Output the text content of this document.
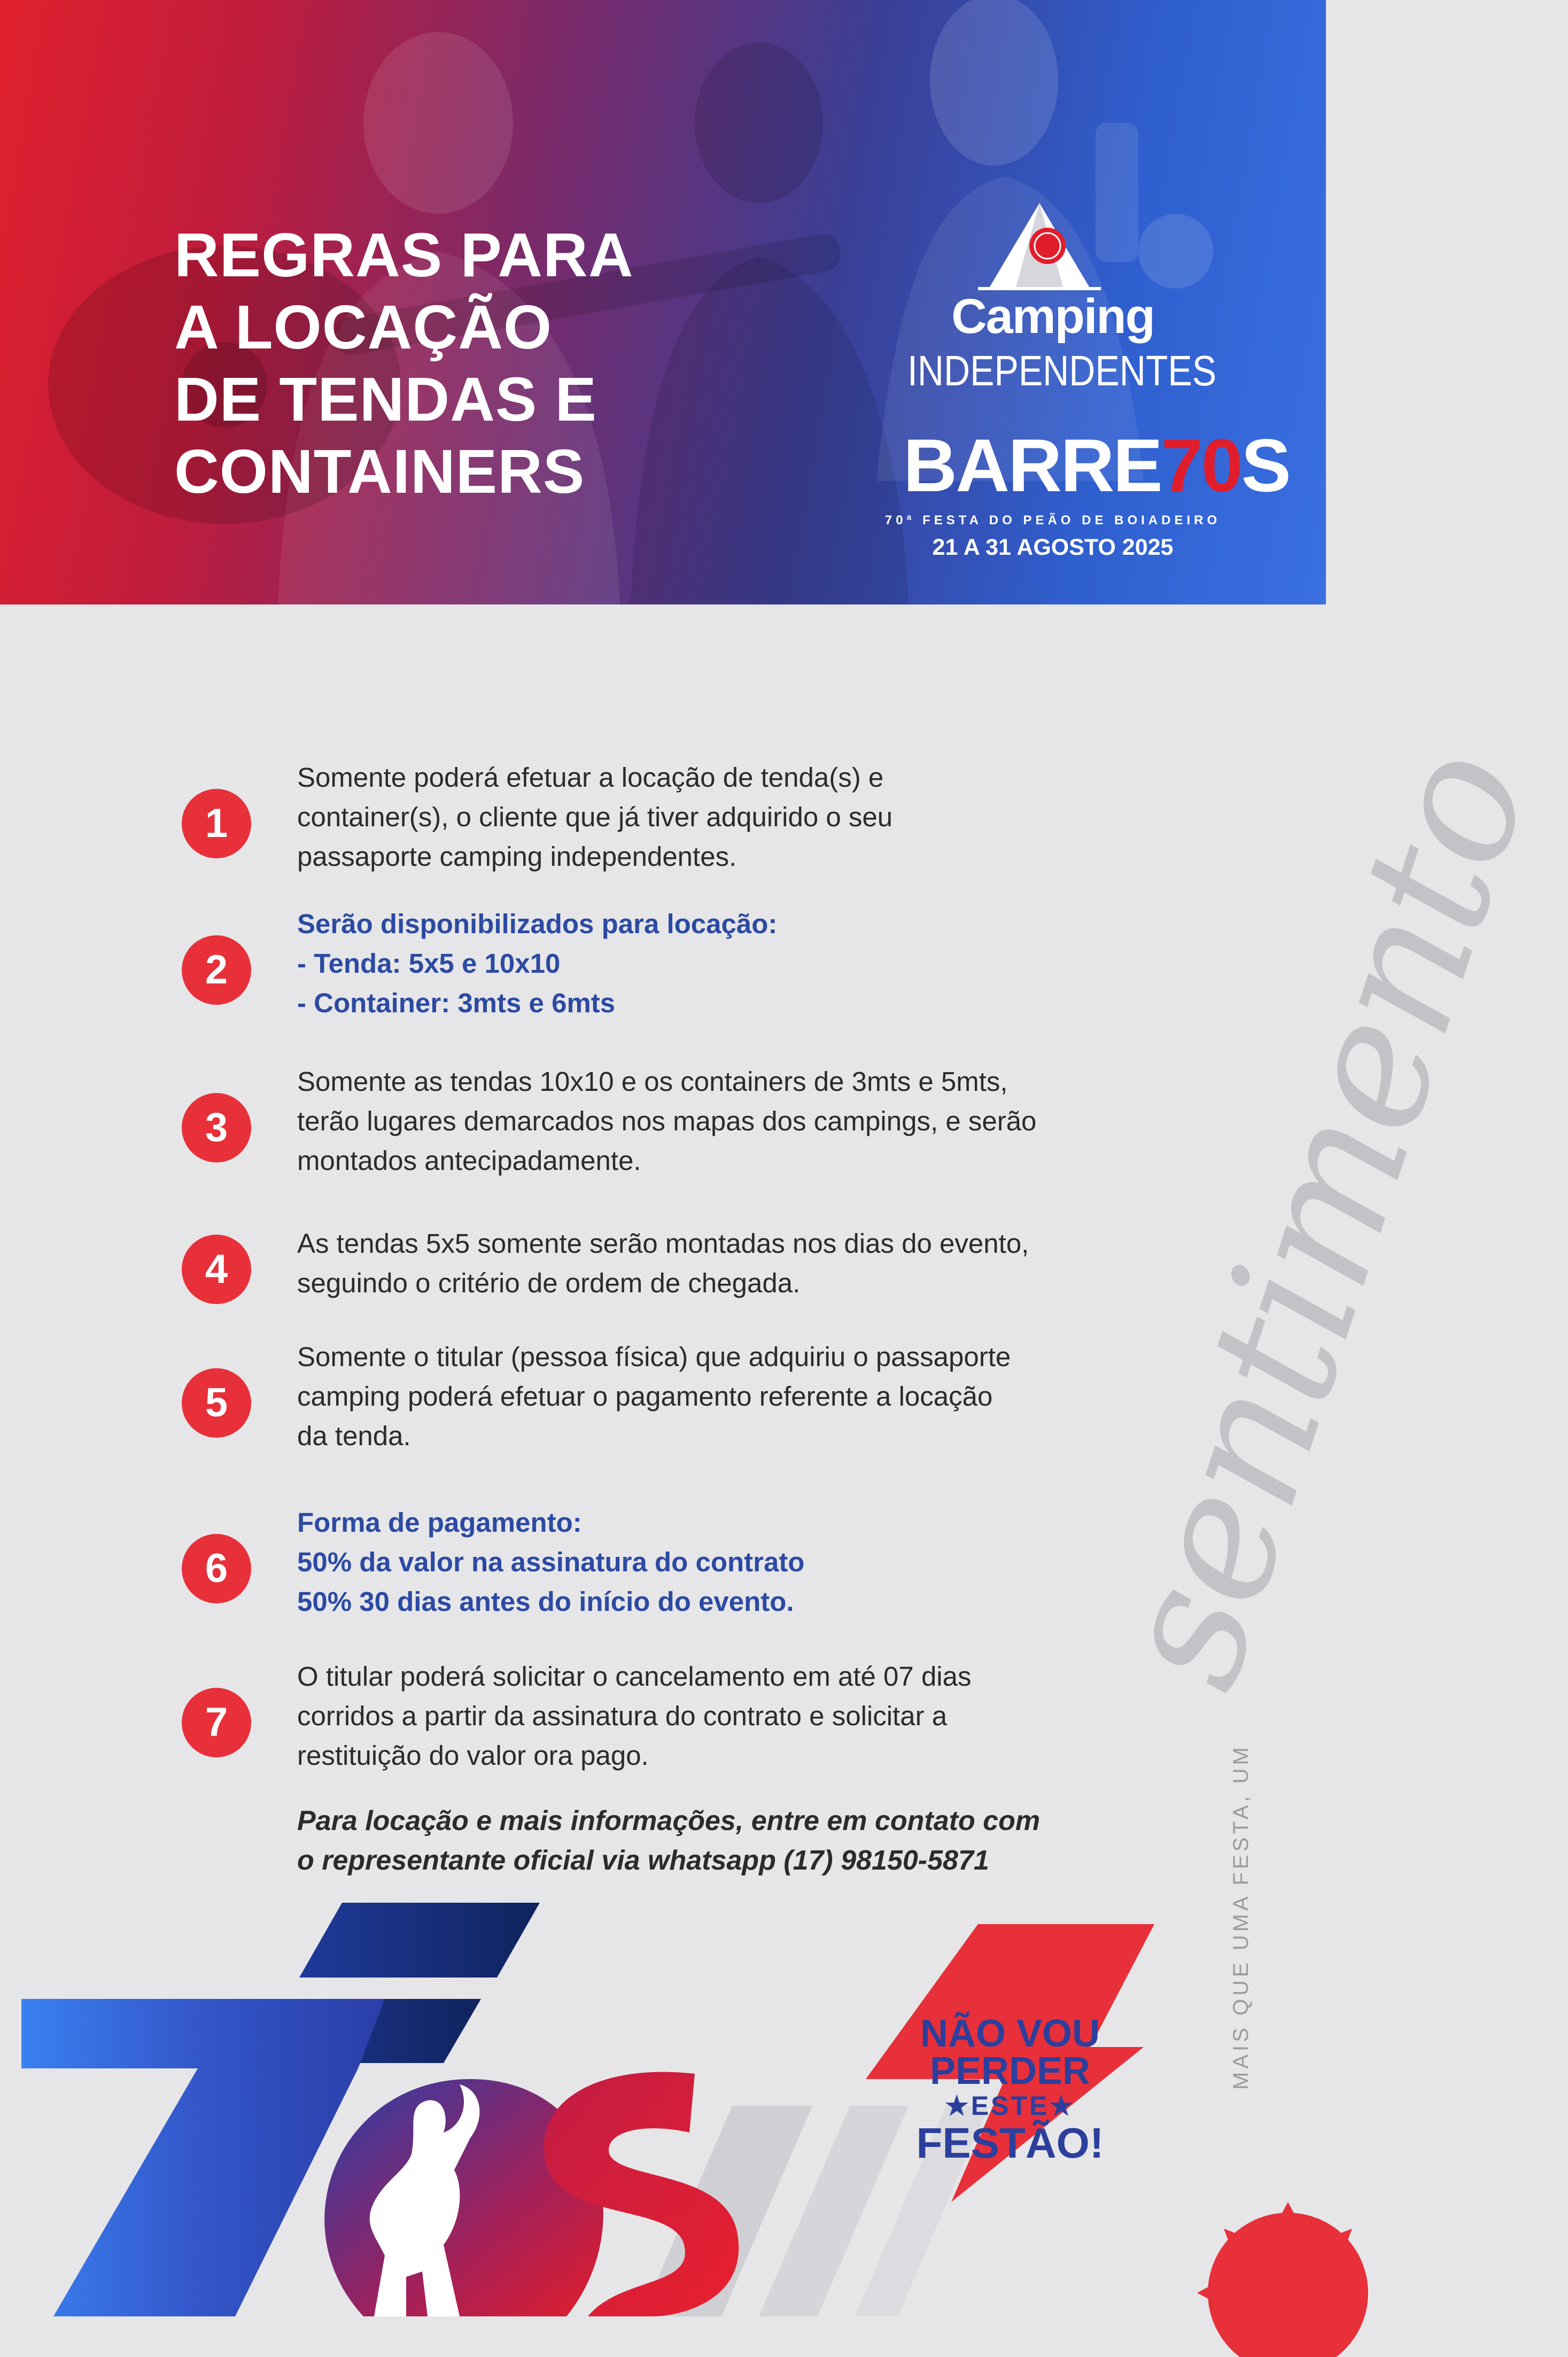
REGRAS PARA
A LOCAÇÃO
DE TENDAS E
CONTAINERS
Camping
INDEPENDENTES
BARRE70S
70ª FESTA DO PEÃO DE BOIADEIRO
21 A 31 AGOSTO 2025
sentimento
MAIS QUE UMA FESTA, UM
1
Somente poderá efetuar a locação de tenda(s) e
container(s), o cliente que já tiver adquirido o seu
passaporte camping independentes.
2
Serão disponibilizados para locação:
- Tenda: 5x5 e 10x10
- Container: 3mts e 6mts
3
Somente as tendas 10x10 e os containers de 3mts e 5mts,
terão lugares demarcados nos mapas dos campings, e serão
montados antecipadamente.
4
As tendas 5x5 somente serão montadas nos dias do evento,
seguindo o critério de ordem de chegada.
5
Somente o titular (pessoa física) que adquiriu o passaporte
camping poderá efetuar o pagamento referente a locação
da tenda.
6
Forma de pagamento:
50% da valor na assinatura do contrato
50% 30 dias antes do início do evento.
7
O titular poderá solicitar o cancelamento em até 07 dias
corridos a partir da assinatura do contrato e solicitar a
restituição do valor ora pago.
Para locação e mais informações, entre em contato com
o representante oficial via whatsapp (17) 98150-5871
NÃO VOU
PERDER
★ESTE★
FESTÃO!
